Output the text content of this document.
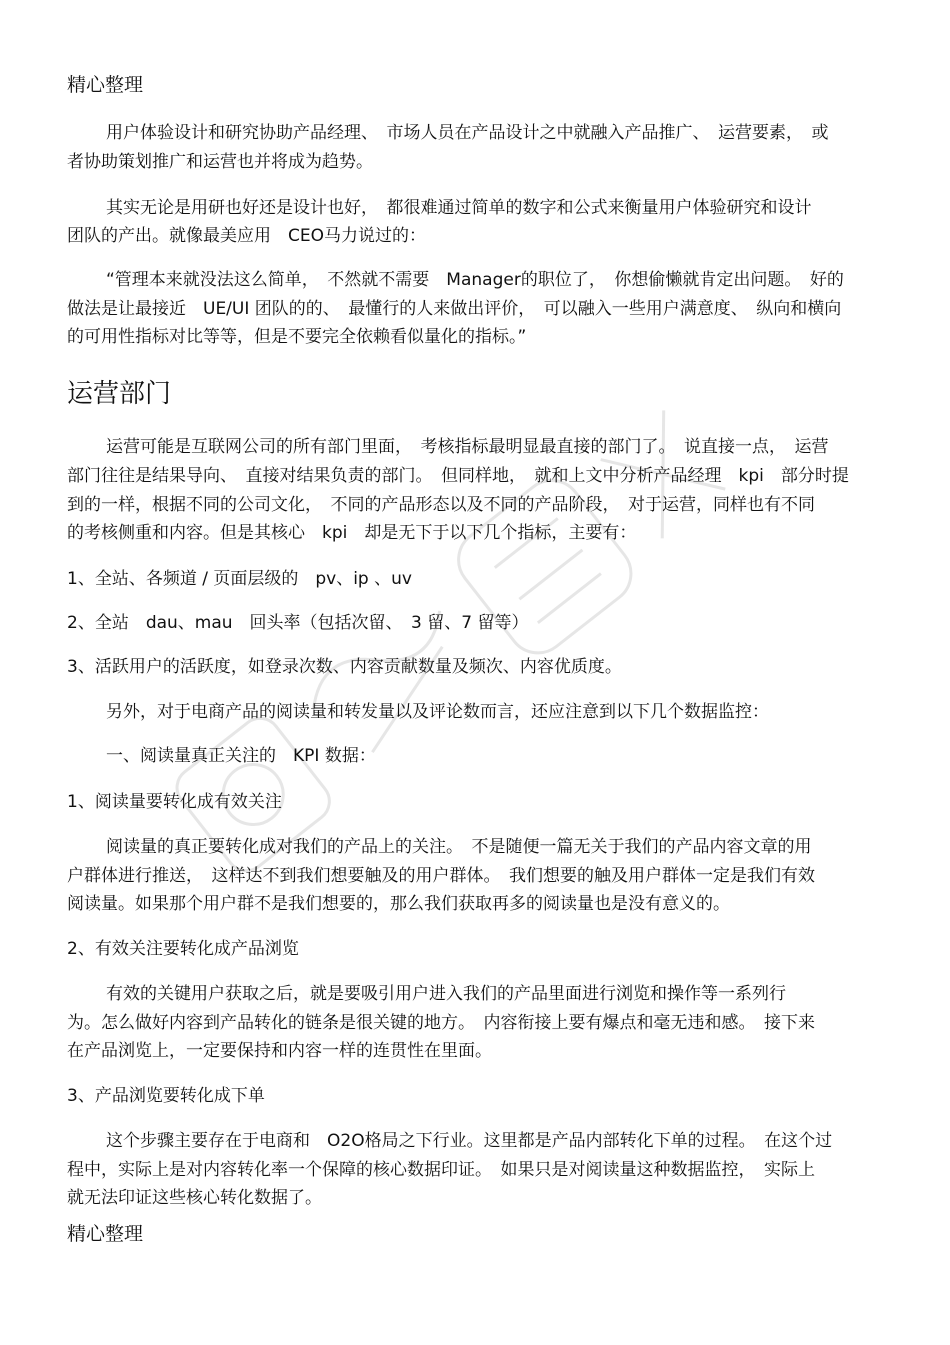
精心整理
用户体验设计和研究协助产品经理、　市场人员在产品设计之中就融入产品推广、　运营要素，　或
者协助策划推广和运营也并将成为趋势。
其实无论是用研也好还是设计也好，　都很难通过简单的数字和公式来衡量用户体验研究和设计
团队的产出。就像最美应用　CEO马力说过的：
“管理本来就没法这么简单，　不然就不需要　Manager的职位了，　你想偷懒就肯定出问题。　好的
做法是让最接近　UE/UI 团队的的、　最懂行的人来做出评价，　可以融入一些用户满意度、　纵向和横向
的可用性指标对比等等，但是不要完全依赖看似量化的指标。”
运营部门
运营可能是互联网公司的所有部门里面，　考核指标最明显最直接的部门了。　说直接一点，　运营
部门往往是结果导向、　直接对结果负责的部门。　但同样地，　就和上文中分析产品经理　kpi　部分时提
到的一样，根据不同的公司文化，　不同的产品形态以及不同的产品阶段，　对于运营，同样也有不同
的考核侧重和内容。但是其核心　kpi　却是无下于以下几个指标，主要有：
1、全站、各频道 / 页面层级的　pv、ip 、uv
2、全站　dau、mau　回头率（包括次留、　3 留、7 留等）
3、活跃用户的活跃度，如登录次数、内容贡献数量及频次、内容优质度。
另外，对于电商产品的阅读量和转发量以及评论数而言，还应注意到以下几个数据监控：
一、阅读量真正关注的　KPI 数据：
1、阅读量要转化成有效关注
阅读量的真正要转化成对我们的产品上的关注。　不是随便一篇无关于我们的产品内容文章的用
户群体进行推送，　这样达不到我们想要触及的用户群体。　我们想要的触及用户群体一定是我们有效
阅读量。如果那个用户群不是我们想要的，那么我们获取再多的阅读量也是没有意义的。
2、有效关注要转化成产品浏览
有效的关键用户获取之后，就是要吸引用户进入我们的产品里面进行浏览和操作等一系列行
为。怎么做好内容到产品转化的链条是很关键的地方。　内容衔接上要有爆点和毫无违和感。　接下来
在产品浏览上，一定要保持和内容一样的连贯性在里面。
3、产品浏览要转化成下单
这个步骤主要存在于电商和　O2O格局之下行业。这里都是产品内部转化下单的过程。　在这个过
程中，实际上是对内容转化率一个保障的核心数据印证。　如果只是对阅读量这种数据监控，　实际上
就无法印证这些核心转化数据了。
精心整理
